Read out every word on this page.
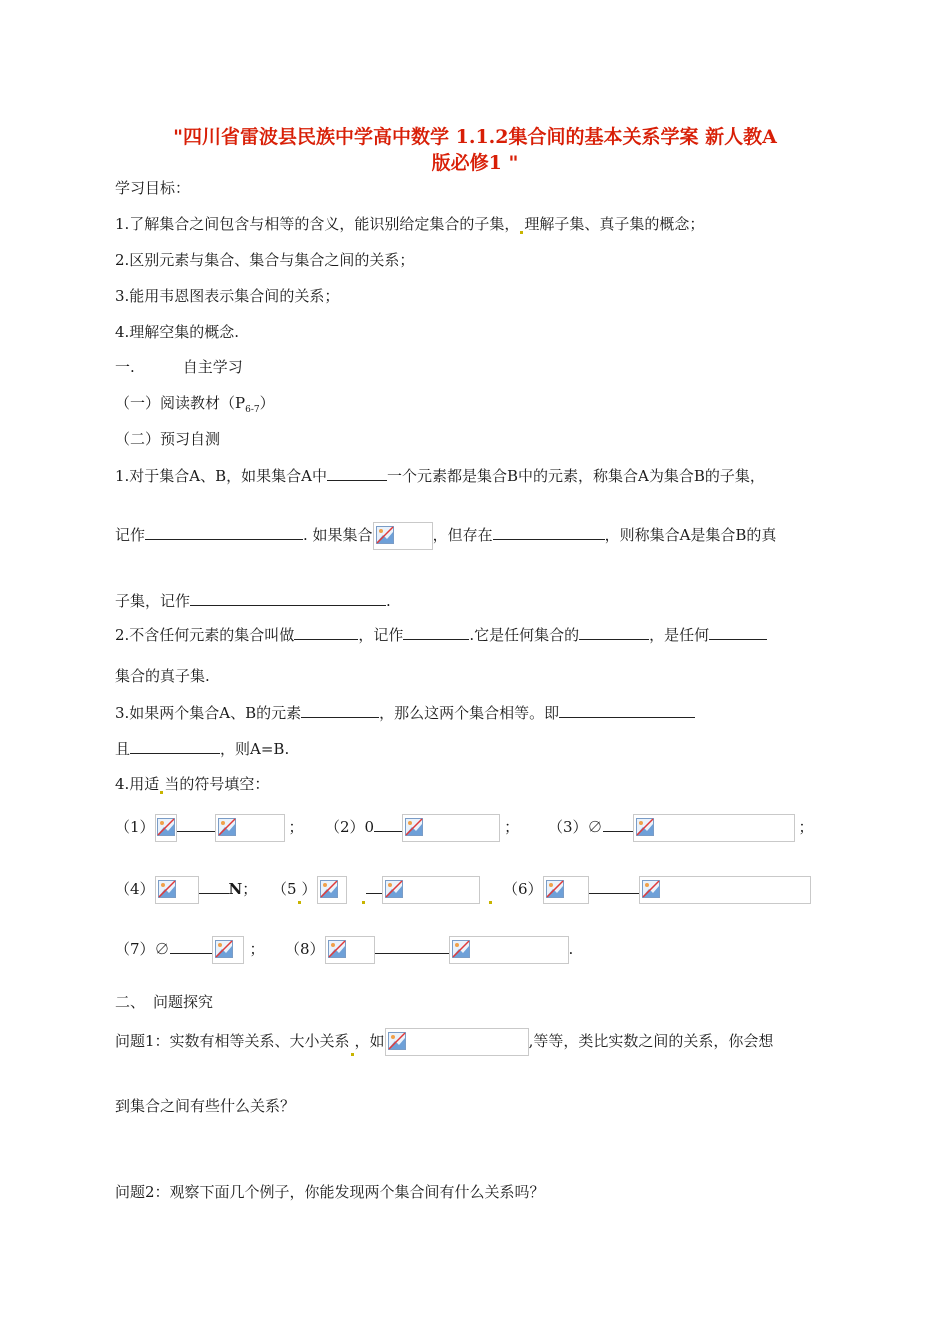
"四川省雷波县民族中学高中数学 1.1.2集合间的基本关系学案 新人教A
版必修1 "
学习目标：
1.了解集合之间包含与相等的含义，能识别给定集合的子集， 理解子集、真子集的概念；
2.区别元素与集合、集合与集合之间的关系；
3.能用韦恩图表示集合间的关系；
4.理解空集的概念.
一.	自主学习
（一）阅读教材$(P_{6-7})$
（二）预习自测
1.对于集合A、B，如果集合A中	一个元素都是集合B中的元素，称集合A为集合B的子集，
记作	. 如果集合	，但存在	，则称集合A是集合B的真
子集，记作	.
2.不含任何元素的集合叫做	，记作	.它是任何集合的	，是任何
集合的真子集.
3.如果两个集合A、B的元素	，那么这两个集合相等。即
且	，则A=B.
4.用适 当的符号填空：
（1）	； （2）0	； （3）∅	；
（4）	N； （5 ）	（6）
（7）∅	； （8）	.
二、 问题探究
问题1：实数有相等关系、大小关系 ，如	,等等，类比实数之间的关系，你会想
到集合之间有些什么关系？
问题2：观察下面几个例子，你能发现两个集合间有什么关系吗？
